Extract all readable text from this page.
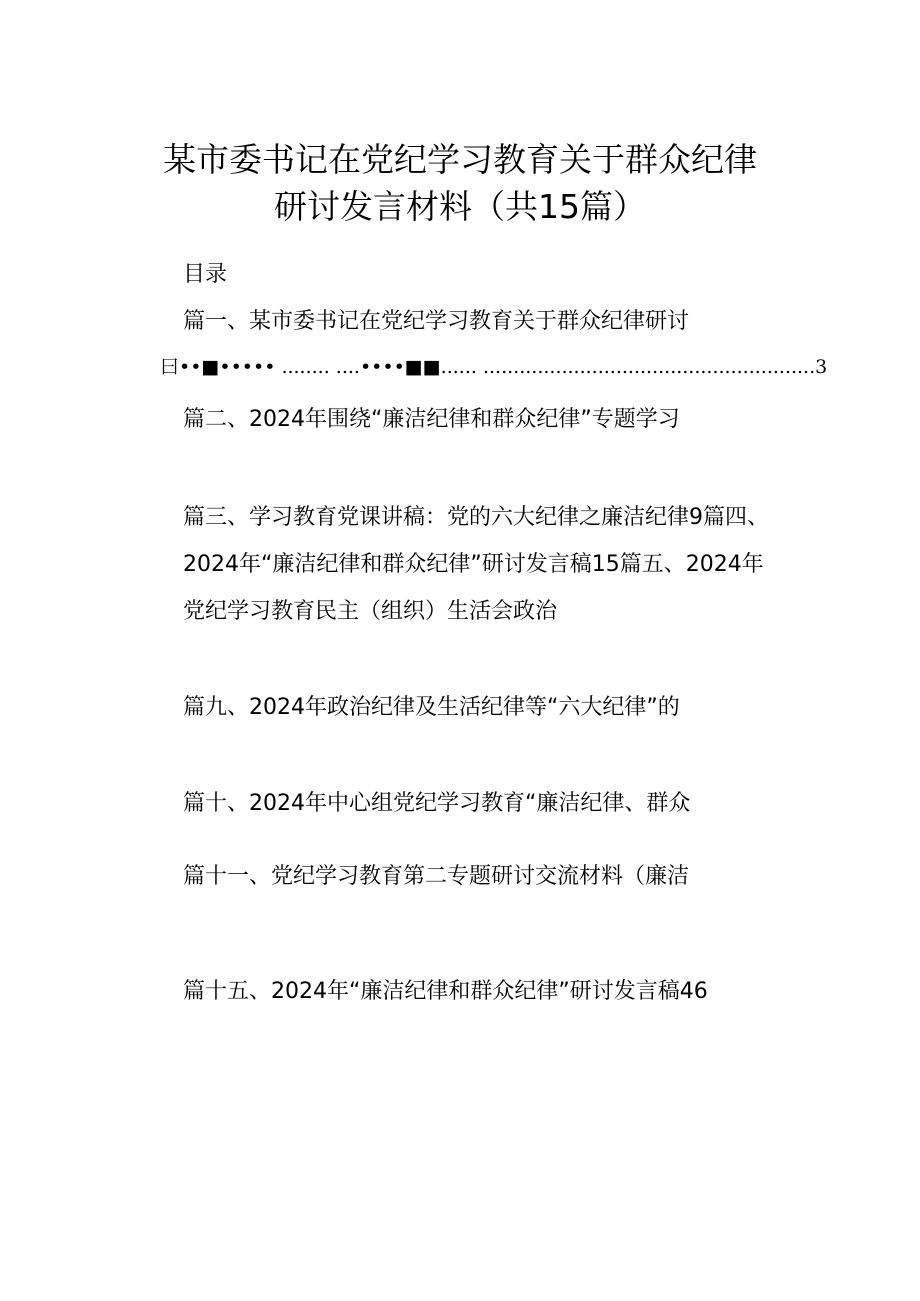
某市委书记在党纪学习教育关于群众纪律
研讨发言材料（共15篇）
目录
篇一、某市委书记在党纪学习教育关于群众纪律研讨
曰••■••••• ........ ....••••■■...... .......................................................3
篇二、2024年围绕“廉洁纪律和群众纪律”专题学习
篇三、学习教育党课讲稿：党的六大纪律之廉洁纪律9篇四、
2024年“廉洁纪律和群众纪律”研讨发言稿15篇五、2024年
党纪学习教育民主（组织）生活会政治
篇九、2024年政治纪律及生活纪律等“六大纪律”的
篇十、2024年中心组党纪学习教育“廉洁纪律、群众
篇十一、党纪学习教育第二专题研讨交流材料（廉洁
篇十五、2024年“廉洁纪律和群众纪律”研讨发言稿46
